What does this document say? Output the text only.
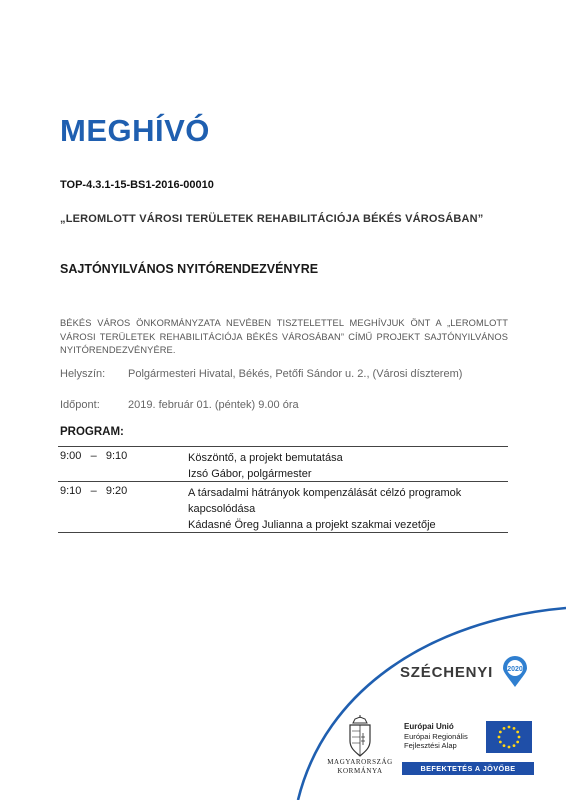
MEGHÍVÓ
TOP-4.3.1-15-BS1-2016-00010
„LEROMLOTT VÁROSI TERÜLETEK REHABILITÁCIÓJA BÉKÉS VÁROSÁBAN”
SAJTÓNYILVÁNOS NYITÓRENDEZVÉNYRE
BÉKÉS VÁROS ÖNKORMÁNYZATA NEVÉBEN TISZTELETTEL MEGHÍVJUK ÖNT A „LEROMLOTT VÁROSI TERÜLETEK REHABILITÁCIÓJA BÉKÉS VÁROSÁBAN” CÍMŰ PROJEKT SAJTÓNYILVÁNOS NYITÓRENDEZVÉNYÉRE.
Helyszín: Polgármesteri Hivatal, Békés, Petőfi Sándor u. 2., (Városi díszterem)
Időpont:	2019. február 01. (péntek) 9.00 óra
PROGRAM:
9:00   –   9:10	Köszöntő, a projekt bemutatása
Izsó Gábor, polgármester
9:10   –   9:20	A társadalmi hátrányok kompenzálását célzó programok
kapcsolódása
Kádasné Öreg Julianna a projekt szakmai vezetője
SZÉCHENYI 2020
MAGYARORSZÁG
KORMÁNYA
Európai Unió
Európai Regionális
Fejlesztési Alap
BEFEKTETÉS A JÖVŐBE
